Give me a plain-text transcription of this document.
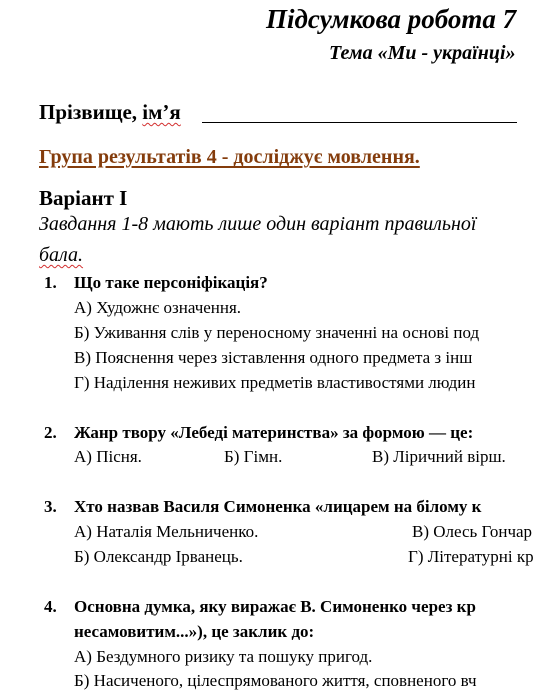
Підсумкова робота 7
Тема «Ми - українці»
Прізвище, ім’я
Група результатів 4 - досліджує мовлення.
Варіант І
Завдання 1-8 мають лише один варіант правильної
бала.
1. Що таке персоніфікація?
А) Художнє означення.
Б) Уживання слів у переносному значенні на основі под
В) Пояснення через зіставлення одного предмета з інш
Г) Наділення неживих предметів властивостями людин
2. Жанр твору «Лебеді материнства» за формою — це:
А) Пісня.	Б) Гімн.	В) Ліричний вірш.
3. Хто назвав Василя Симоненка «лицарем на білому к
А) Наталія Мельниченко.	В) Олесь Гончар
Б) Олександр Ірванець.	Г) Літературні кр
4. Основна думка, яку виражає В. Симоненко через кр
несамовитим...»), це заклик до:
А) Бездумного ризику та пошуку пригод.
Б) Насиченого, цілеспрямованого життя, сповненого вч
